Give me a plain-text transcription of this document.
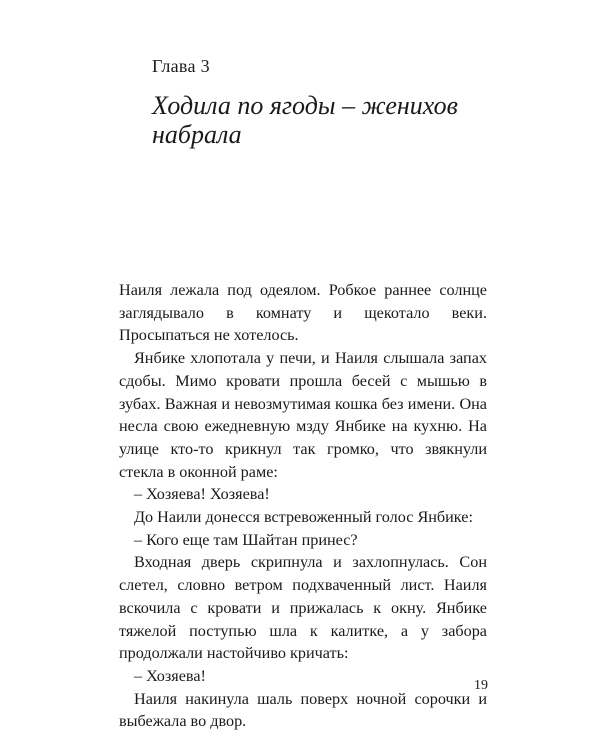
Глава 3
Ходила по ягоды – женихов
набрала

Наиля лежала под одеялом. Робкое раннее солнце заглядывало в комнату и щекотало веки. Просыпаться не хотелось.

Янбике хлопотала у печи, и Наиля слышала запах сдобы. Мимо кровати прошла бесей с мышью в зубах. Важная и невозмутимая кошка без имени. Она несла свою ежедневную мзду Янбике на кухню. На улице кто-то крикнул так громко, что звякнули стекла в оконной раме:

– Хозяева! Хозяева!

До Наили донесся встревоженный голос Янбике:

– Кого еще там Шайтан принес?

Входная дверь скрипнула и захлопнулась. Сон слетел, словно ветром подхваченный лист. Наиля вскочила с кровати и прижалась к окну. Янбике тяжелой поступью шла к калитке, а у забора продолжали настойчиво кричать:

– Хозяева!

Наиля накинула шаль поверх ночной сорочки и выбежала во двор.

19
